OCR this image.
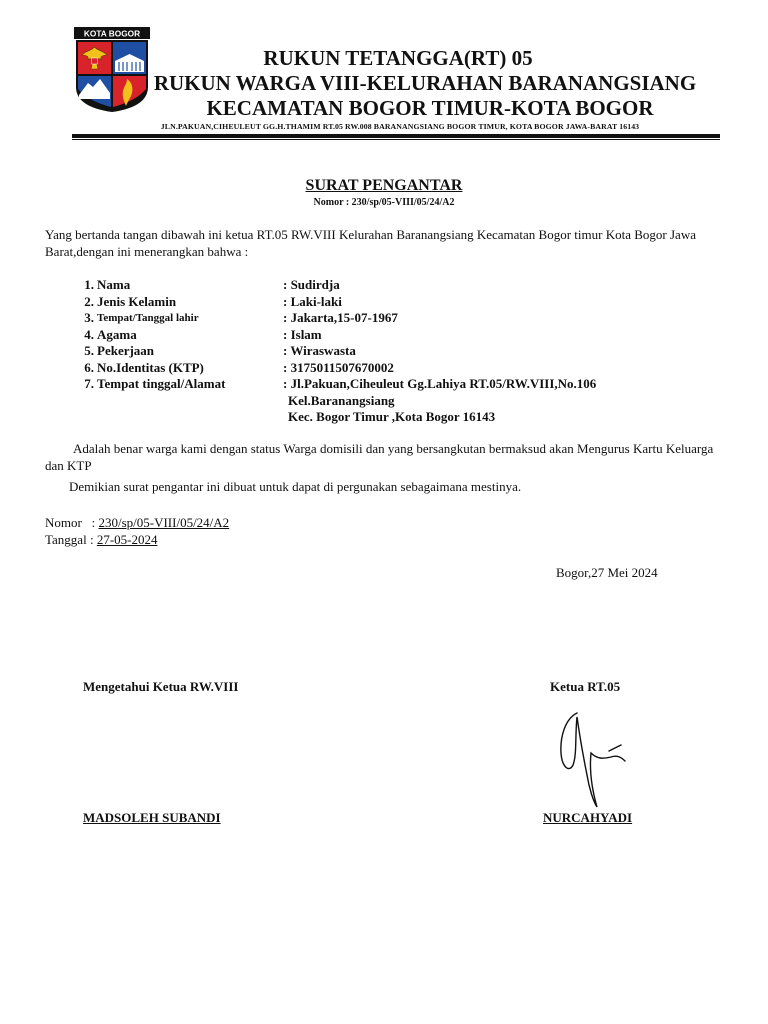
KOTA BOGOR
RUKUN TETANGGA(RT) 05
RUKUN WARGA VIII-KELURAHAN BARANANGSIANG
KECAMATAN BOGOR TIMUR-KOTA BOGOR
JLN.PAKUAN,CIHEULEUT GG.H.THAMIM RT.05 RW.008 BARANANGSIANG BOGOR TIMUR, KOTA BOGOR JAWA-BARAT 16143
SURAT PENGANTAR
Nomor : 230/sp/05-VIII/05/24/A2
Yang bertanda tangan dibawah ini ketua RT.05 RW.VIII Kelurahan Baranangsiang Kecamatan Bogor timur Kota Bogor Jawa Barat,dengan ini menerangkan bahwa :
1. Nama	: Sudirdja
2. Jenis Kelamin	: Laki-laki
3. Tempat/Tanggal lahir	: Jakarta,15-07-1967
4. Agama	: Islam
5. Pekerjaan	: Wiraswasta
6. No.Identitas (KTP)	: 3175011507670002
7. Tempat tinggal/Alamat	: Jl.Pakuan,Ciheuleut Gg.Lahiya RT.05/RW.VIII,No.106
Kel.Baranangsiang
Kec. Bogor Timur ,Kota Bogor 16143
Adalah benar warga kami dengan status Warga domisili dan yang bersangkutan bermaksud akan Mengurus Kartu Keluarga dan KTP
Demikian surat pengantar ini dibuat untuk dapat di pergunakan sebagaimana mestinya.
Nomor   : 230/sp/05-VIII/05/24/A2
Tanggal : 27-05-2024
Bogor,27 Mei 2024
Mengetahui Ketua RW.VIII	Ketua RT.05
MADSOLEH SUBANDI	NURCAHYADI
